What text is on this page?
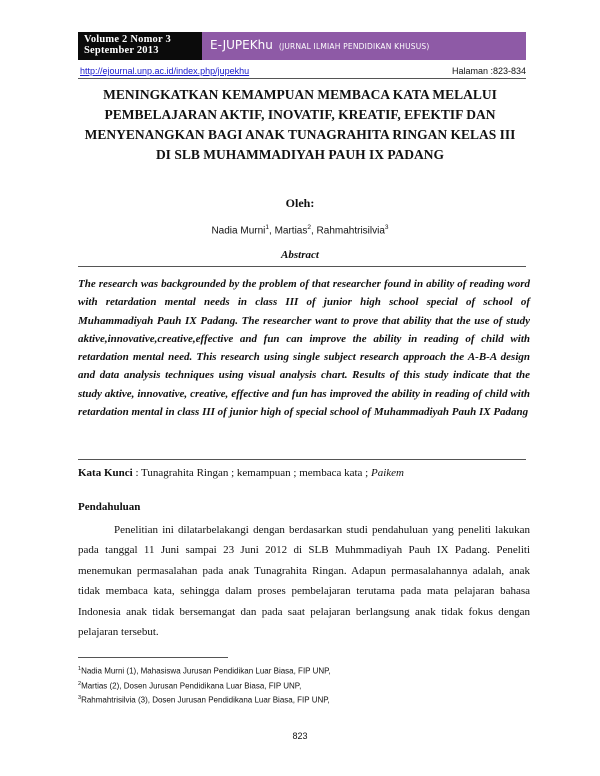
Volume 2 Nomor 3
September 2013	E-JUPEKhu (JURNAL ILMIAH PENDIDIKAN KHUSUS)
http://ejournal.unp.ac.id/index.php/jupekhu	Halaman :823-834
MENINGKATKAN KEMAMPUAN MEMBACA KATA MELALUI
PEMBELAJARAN AKTIF, INOVATIF, KREATIF, EFEKTIF DAN
MENYENANGKAN BAGI ANAK TUNAGRAHITA RINGAN KELAS III
DI SLB MUHAMMADIYAH PAUH IX PADANG
Oleh:
Nadia Murni$^1$, Martias$^2$, Rahmahtrisilvia$^3$
Abstract
The research was backgrounded by the problem of that researcher found in ability of reading word with retardation mental needs in class III of junior high school special of school of Muhammadiyah Pauh IX Padang. The researcher want to prove that ability that the use of study aktive,innovative,creative,effective and fun can improve the ability in reading of child with retardation mental need. This research using single subject research approach the A-B-A design and data analysis techniques using visual analysis chart. Results of this study indicate that the study aktive, innovative, creative, effective and fun has improved the ability in reading of child with retardation mental in class III of junior high of special school of Muhammadiyah Pauh IX Padang
Kata Kunci : Tunagrahita Ringan ; kemampuan ; membaca kata ; Paikem
Pendahuluan
Penelitian ini dilatarbelakangi dengan berdasarkan studi pendahuluan yang peneliti lakukan pada tanggal 11 Juni sampai 23 Juni 2012 di SLB Muhmmadiyah Pauh IX Padang. Peneliti menemukan permasalahan pada anak Tunagrahita Ringan. Adapun permasalahannya adalah, anak tidak membaca kata, sehingga dalam proses pembelajaran terutama pada mata pelajaran bahasa Indonesia anak tidak bersemangat dan pada saat pelajaran berlangsung anak tidak fokus dengan pelajaran tersebut.
$^1$Nadia Murni (1), Mahasiswa Jurusan Pendidikan Luar Biasa, FIP UNP,
$^2$Martias (2), Dosen Jurusan Pendidikana Luar Biasa, FIP UNP,
$^3$Rahmahtrisilvia (3), Dosen Jurusan Pendidikana Luar Biasa, FIP UNP,
823
